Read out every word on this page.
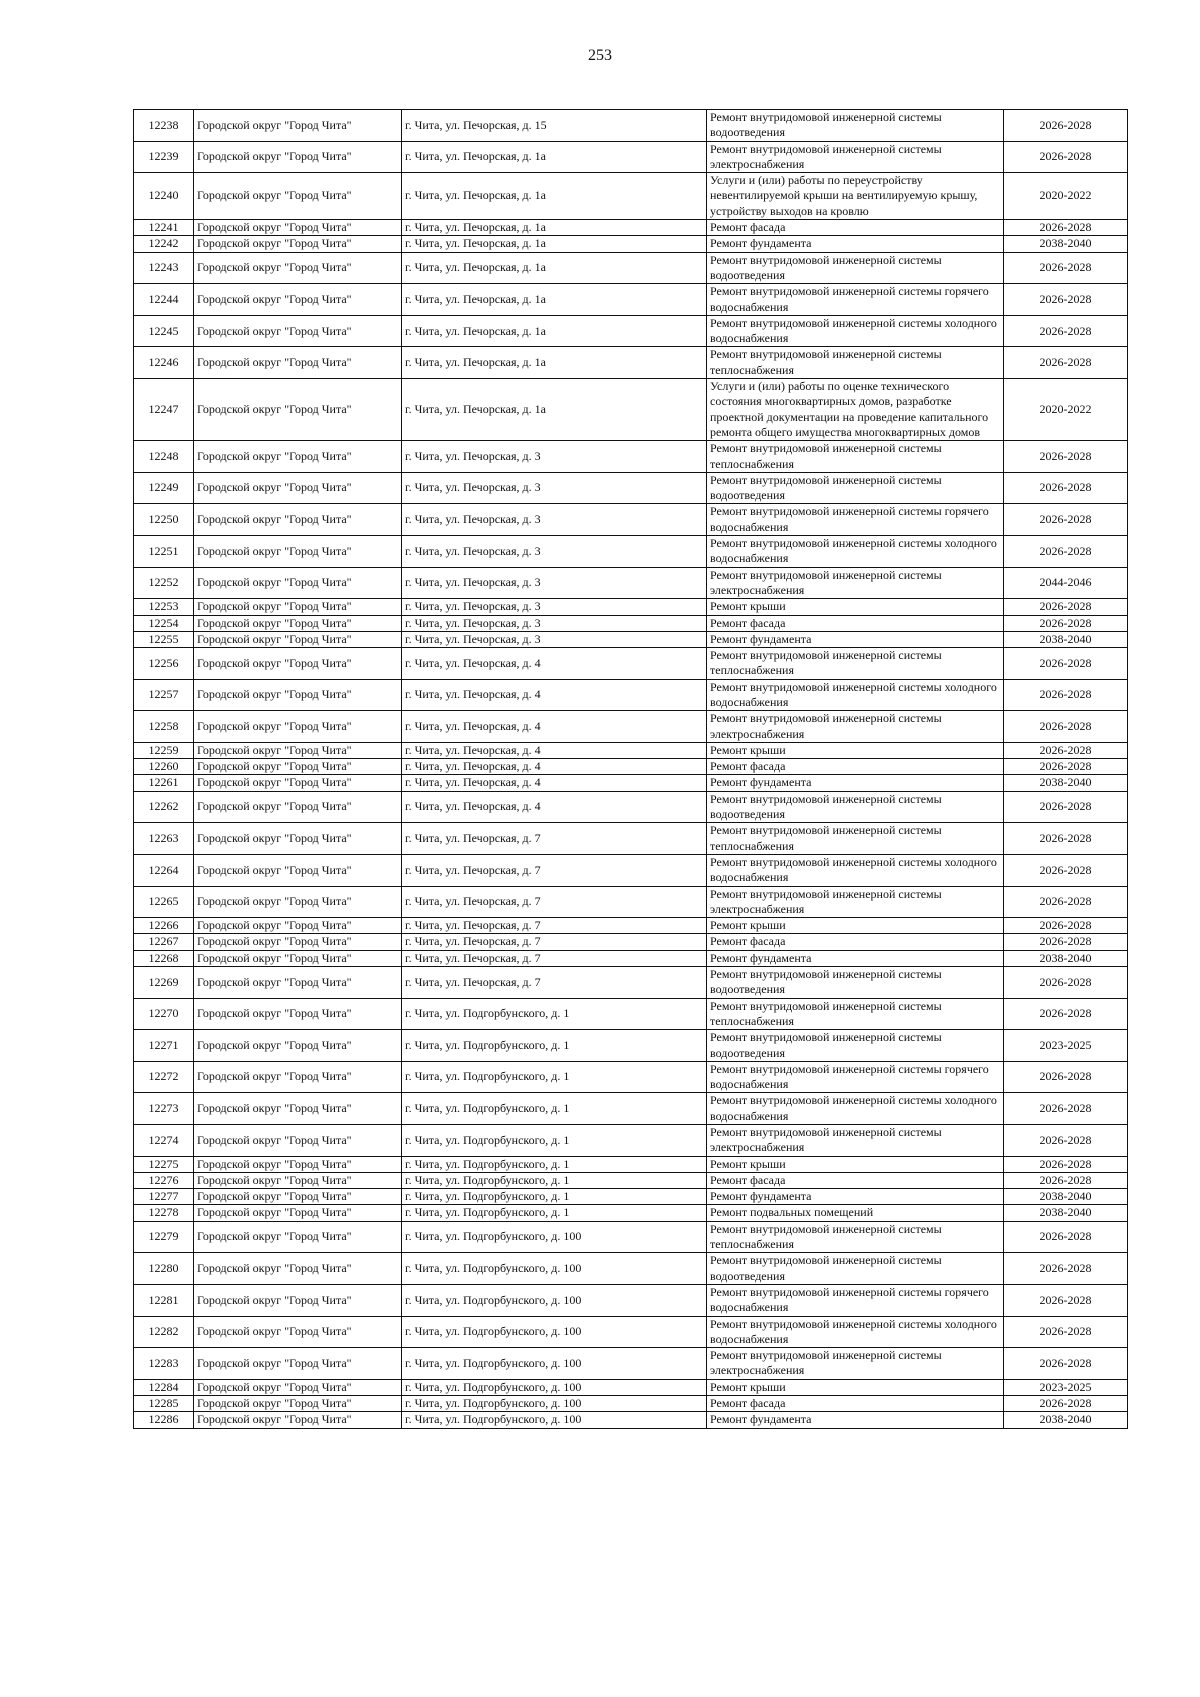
253
12238	Городской округ "Город Чита"	г. Чита, ул. Печорская, д. 15	Ремонт внутридомовой инженерной системы водоотведения	2026-2028
12239	Городской округ "Город Чита"	г. Чита, ул. Печорская, д. 1а	Ремонт внутридомовой инженерной системы электроснабжения	2026-2028
12240	Городской округ "Город Чита"	г. Чита, ул. Печорская, д. 1а	Услуги и (или) работы по переустройству невентилируемой крыши на вентилируемую крышу, устройству выходов на кровлю	2020-2022
12241	Городской округ "Город Чита"	г. Чита, ул. Печорская, д. 1а	Ремонт фасада	2026-2028
12242	Городской округ "Город Чита"	г. Чита, ул. Печорская, д. 1а	Ремонт фундамента	2038-2040
12243	Городской округ "Город Чита"	г. Чита, ул. Печорская, д. 1а	Ремонт внутридомовой инженерной системы водоотведения	2026-2028
12244	Городской округ "Город Чита"	г. Чита, ул. Печорская, д. 1а	Ремонт внутридомовой инженерной системы горячего водоснабжения	2026-2028
12245	Городской округ "Город Чита"	г. Чита, ул. Печорская, д. 1а	Ремонт внутридомовой инженерной системы холодного водоснабжения	2026-2028
12246	Городской округ "Город Чита"	г. Чита, ул. Печорская, д. 1а	Ремонт внутридомовой инженерной системы теплоснабжения	2026-2028
12247	Городской округ "Город Чита"	г. Чита, ул. Печорская, д. 1а	Услуги и (или) работы по оценке технического состояния многоквартирных домов, разработке проектной документации на проведение капитального ремонта общего имущества многоквартирных домов	2020-2022
12248	Городской округ "Город Чита"	г. Чита, ул. Печорская, д. 3	Ремонт внутридомовой инженерной системы теплоснабжения	2026-2028
12249	Городской округ "Город Чита"	г. Чита, ул. Печорская, д. 3	Ремонт внутридомовой инженерной системы водоотведения	2026-2028
12250	Городской округ "Город Чита"	г. Чита, ул. Печорская, д. 3	Ремонт внутридомовой инженерной системы горячего водоснабжения	2026-2028
12251	Городской округ "Город Чита"	г. Чита, ул. Печорская, д. 3	Ремонт внутридомовой инженерной системы холодного водоснабжения	2026-2028
12252	Городской округ "Город Чита"	г. Чита, ул. Печорская, д. 3	Ремонт внутридомовой инженерной системы электроснабжения	2044-2046
12253	Городской округ "Город Чита"	г. Чита, ул. Печорская, д. 3	Ремонт крыши	2026-2028
12254	Городской округ "Город Чита"	г. Чита, ул. Печорская, д. 3	Ремонт фасада	2026-2028
12255	Городской округ "Город Чита"	г. Чита, ул. Печорская, д. 3	Ремонт фундамента	2038-2040
12256	Городской округ "Город Чита"	г. Чита, ул. Печорская, д. 4	Ремонт внутридомовой инженерной системы теплоснабжения	2026-2028
12257	Городской округ "Город Чита"	г. Чита, ул. Печорская, д. 4	Ремонт внутридомовой инженерной системы холодного водоснабжения	2026-2028
12258	Городской округ "Город Чита"	г. Чита, ул. Печорская, д. 4	Ремонт внутридомовой инженерной системы электроснабжения	2026-2028
12259	Городской округ "Город Чита"	г. Чита, ул. Печорская, д. 4	Ремонт крыши	2026-2028
12260	Городской округ "Город Чита"	г. Чита, ул. Печорская, д. 4	Ремонт фасада	2026-2028
12261	Городской округ "Город Чита"	г. Чита, ул. Печорская, д. 4	Ремонт фундамента	2038-2040
12262	Городской округ "Город Чита"	г. Чита, ул. Печорская, д. 4	Ремонт внутридомовой инженерной системы водоотведения	2026-2028
12263	Городской округ "Город Чита"	г. Чита, ул. Печорская, д. 7	Ремонт внутридомовой инженерной системы теплоснабжения	2026-2028
12264	Городской округ "Город Чита"	г. Чита, ул. Печорская, д. 7	Ремонт внутридомовой инженерной системы холодного водоснабжения	2026-2028
12265	Городской округ "Город Чита"	г. Чита, ул. Печорская, д. 7	Ремонт внутридомовой инженерной системы электроснабжения	2026-2028
12266	Городской округ "Город Чита"	г. Чита, ул. Печорская, д. 7	Ремонт крыши	2026-2028
12267	Городской округ "Город Чита"	г. Чита, ул. Печорская, д. 7	Ремонт фасада	2026-2028
12268	Городской округ "Город Чита"	г. Чита, ул. Печорская, д. 7	Ремонт фундамента	2038-2040
12269	Городской округ "Город Чита"	г. Чита, ул. Печорская, д. 7	Ремонт внутридомовой инженерной системы водоотведения	2026-2028
12270	Городской округ "Город Чита"	г. Чита, ул. Подгорбунского, д. 1	Ремонт внутридомовой инженерной системы теплоснабжения	2026-2028
12271	Городской округ "Город Чита"	г. Чита, ул. Подгорбунского, д. 1	Ремонт внутридомовой инженерной системы водоотведения	2023-2025
12272	Городской округ "Город Чита"	г. Чита, ул. Подгорбунского, д. 1	Ремонт внутридомовой инженерной системы горячего водоснабжения	2026-2028
12273	Городской округ "Город Чита"	г. Чита, ул. Подгорбунского, д. 1	Ремонт внутридомовой инженерной системы холодного водоснабжения	2026-2028
12274	Городской округ "Город Чита"	г. Чита, ул. Подгорбунского, д. 1	Ремонт внутридомовой инженерной системы электроснабжения	2026-2028
12275	Городской округ "Город Чита"	г. Чита, ул. Подгорбунского, д. 1	Ремонт крыши	2026-2028
12276	Городской округ "Город Чита"	г. Чита, ул. Подгорбунского, д. 1	Ремонт фасада	2026-2028
12277	Городской округ "Город Чита"	г. Чита, ул. Подгорбунского, д. 1	Ремонт фундамента	2038-2040
12278	Городской округ "Город Чита"	г. Чита, ул. Подгорбунского, д. 1	Ремонт подвальных помещений	2038-2040
12279	Городской округ "Город Чита"	г. Чита, ул. Подгорбунского, д. 100	Ремонт внутридомовой инженерной системы теплоснабжения	2026-2028
12280	Городской округ "Город Чита"	г. Чита, ул. Подгорбунского, д. 100	Ремонт внутридомовой инженерной системы водоотведения	2026-2028
12281	Городской округ "Город Чита"	г. Чита, ул. Подгорбунского, д. 100	Ремонт внутридомовой инженерной системы горячего водоснабжения	2026-2028
12282	Городской округ "Город Чита"	г. Чита, ул. Подгорбунского, д. 100	Ремонт внутридомовой инженерной системы холодного водоснабжения	2026-2028
12283	Городской округ "Город Чита"	г. Чита, ул. Подгорбунского, д. 100	Ремонт внутридомовой инженерной системы электроснабжения	2026-2028
12284	Городской округ "Город Чита"	г. Чита, ул. Подгорбунского, д. 100	Ремонт крыши	2023-2025
12285	Городской округ "Город Чита"	г. Чита, ул. Подгорбунского, д. 100	Ремонт фасада	2026-2028
12286	Городской округ "Город Чита"	г. Чита, ул. Подгорбунского, д. 100	Ремонт фундамента	2038-2040
